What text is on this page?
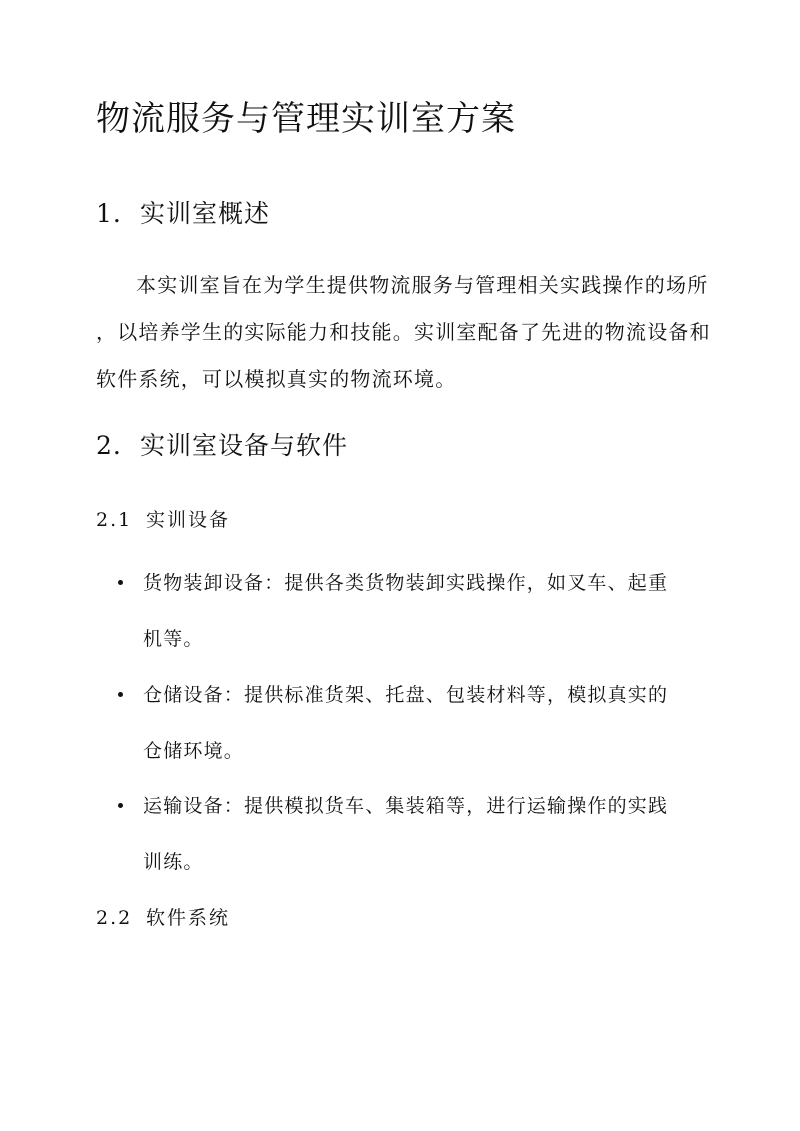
物流服务与管理实训室方案
1. 实训室概述
本实训室旨在为学生提供物流服务与管理相关实践操作的场所
，以培养学生的实际能力和技能。实训室配备了先进的物流设备和
软件系统，可以模拟真实的物流环境。
2. 实训室设备与软件
2.1 实训设备
货物装卸设备：提供各类货物装卸实践操作，如叉车、起重
机等。
仓储设备：提供标准货架、托盘、包装材料等，模拟真实的
仓储环境。
运输设备：提供模拟货车、集装箱等，进行运输操作的实践
训练。
2.2 软件系统
